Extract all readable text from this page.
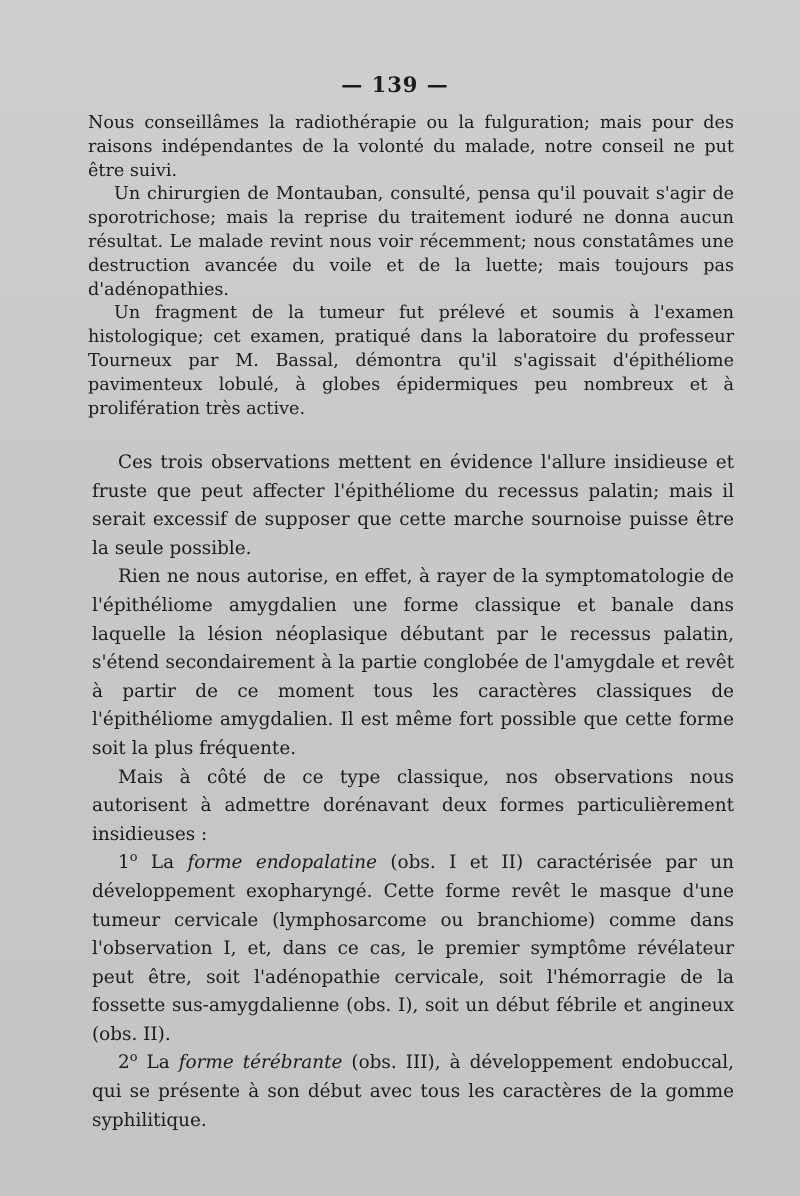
— 139 —

Nous conseillâmes la radiothérapie ou la fulguration; mais pour des raisons indépendantes de la volonté du malade, notre conseil ne put être suivi.

Un chirurgien de Montauban, consulté, pensa qu'il pouvait s'agir de sporotrichose; mais la reprise du traitement ioduré ne donna aucun résultat. Le malade revint nous voir récemment; nous constatâmes une destruction avancée du voile et de la luette; mais toujours pas d'adénopathies.

Un fragment de la tumeur fut prélevé et soumis à l'examen histologique; cet examen, pratiqué dans la laboratoire du professeur Tourneux par M. Bassal, démontra qu'il s'agissait d'épithéliome pavimenteux lobulé, à globes épidermiques peu nombreux et à prolifération très active.

Ces trois observations mettent en évidence l'allure insidieuse et fruste que peut affecter l'épithéliome du recessus palatin; mais il serait excessif de supposer que cette marche sournoise puisse être la seule possible.

Rien ne nous autorise, en effet, à rayer de la symptomatologie de l'épithéliome amygdalien une forme classique et banale dans laquelle la lésion néoplasique débutant par le recessus palatin, s'étend secondairement à la partie conglobée de l'amygdale et revêt à partir de ce moment tous les caractères classiques de l'épithéliome amygdalien. Il est même fort possible que cette forme soit la plus fréquente.

Mais à côté de ce type classique, nos observations nous autorisent à admettre dorénavant deux formes particulièrement insidieuses :

1$^o$ La forme endopalatine (obs. I et II) caractérisée par un développement exopharyngé. Cette forme revêt le masque d'une tumeur cervicale (lymphosarcome ou branchiome) comme dans l'observation I, et, dans ce cas, le premier symptôme révélateur peut être, soit l'adénopathie cervicale, soit l'hémorragie de la fossette sus-amygdalienne (obs. I), soit un début fébrile et angineux (obs. II).

2$^o$ La forme térébrante (obs. III), à développement endobuccal, qui se présente à son début avec tous les caractères de la gomme syphilitique.
